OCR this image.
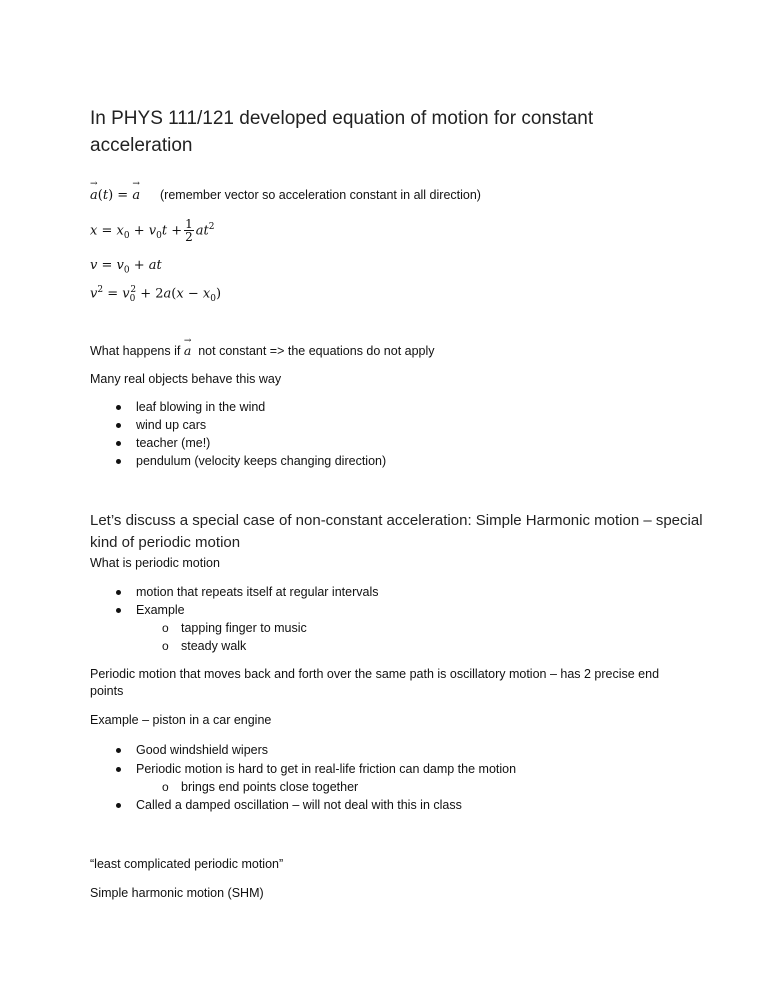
In PHYS 111/121 developed equation of motion for constant acceleration
→ a(t) = → a (remember vector so acceleration constant in all direction)
$x = x_0 + v_0t + \frac{1}{2} at^2$
$v = v_0$ + at
$v^2 = v_0^2 + 2a(x - x_0)$
What happens if → a not constant => the equations do not apply
Many real objects behave this way
leaf blowing in the wind
wind up cars
teacher (me!)
pendulum (velocity keeps changing direction)
Let’s discuss a special case of non-constant acceleration: Simple Harmonic motion – special kind of periodic motion
What is periodic motion
motion that repeats itself at regular intervals
Example
o tapping finger to music
o steady walk
Periodic motion that moves back and forth over the same path is oscillatory motion – has 2 precise end points
Example – piston in a car engine
Good windshield wipers
Periodic motion is hard to get in real-life friction can damp the motion
o brings end points close together
Called a damped oscillation – will not deal with this in class
“least complicated periodic motion”
Simple harmonic motion (SHM)
